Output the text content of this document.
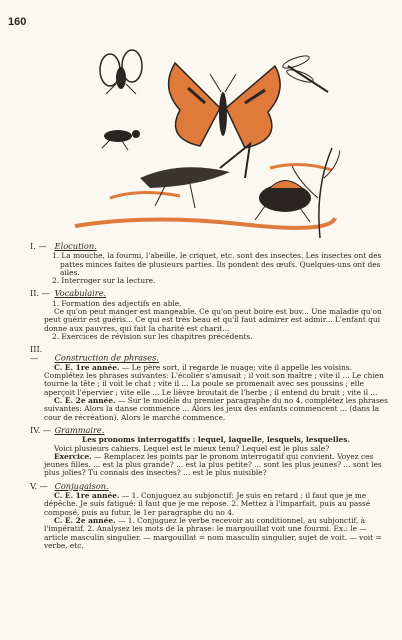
160
I. — Elocution.

1. La mouche, la fourmi, l'abeille, le criquet, etc. sont des insectes. Les insectes ont des pattes minces faites de plusieurs parties. Ils pondent des œufs. Quelques-uns ont des ailes.

2. Interroger sur la lecture.

II. — Vocabulaire.

1. Formation des adjectifs en able.

Ce qu'on peut manger est mangeable. Ce qu'on peut boire est buv... Une maladie qu'on peut guérir est guéris... Ce qui est très beau et qu'il faut admirer est admir... L'enfant qui donne aux pauvres, qui fait la charité est charit...

2. Exercices de révision sur les chapitres précédents.

III. — Construction de phrases.

C. E. 1re année. — Le père sort, il regarde le nuage; vite il appelle les voisins. Complétez les phrases suivantes: L'écolier s'amusait ; il voit son maître ; vite il ... Le chien tourne la tête ; il voit le chat ; vite il ... La poule se promenait avec ses poussins ; elle aperçoit l'épervier ; vite elle ... Le lièvre broutait de l'herbe ; il entend du bruit ; vite il ...

C. E. 2e année. — Sur le modèle du premier paragraphe du no 4, complétez les phrases suivantes: Alors la danse commence ... Alors les jeux des enfants commencent ... (dans la cour de récréation). Alors le marché commence.

IV. — Grammaire.

Les pronoms interrogatifs : lequel, laquelle, lesquels, lesquelles.

Voici plusieurs cahiers. Lequel est le mieux tenu? Lequel est le plus sale?

Exercice. — Remplacez les points par le pronom interrogatif qui convient. Voyez ces jeunes filles. ... est la plus grande? ... est la plus petite? ... sont les plus jeunes? ... sont les plus jolies? Tu connais des insectes? ... est le plus nuisible?

V. — Conjugaison.

C. E. 1re année. — 1. Conjuguez au subjonctif: Je suis en retard : il faut que je me dépêche. Je suis fatigué: il faut que je me repose. 2. Mettez à l'imparfait, puis au passé composé, puis au futur, le 1er paragraphe du no 4.

C. E. 2e année. — 1. Conjuguez le verbe recevoir au conditionnel, au subjonctif, à l'impératif. 2. Analysez les mots de la phrase: le margouillat voit une fourmi. Ex.: le — article masculin singulier. — margouillat = nom masculin singulier, sujet de voit. — voit = verbe, etc.
